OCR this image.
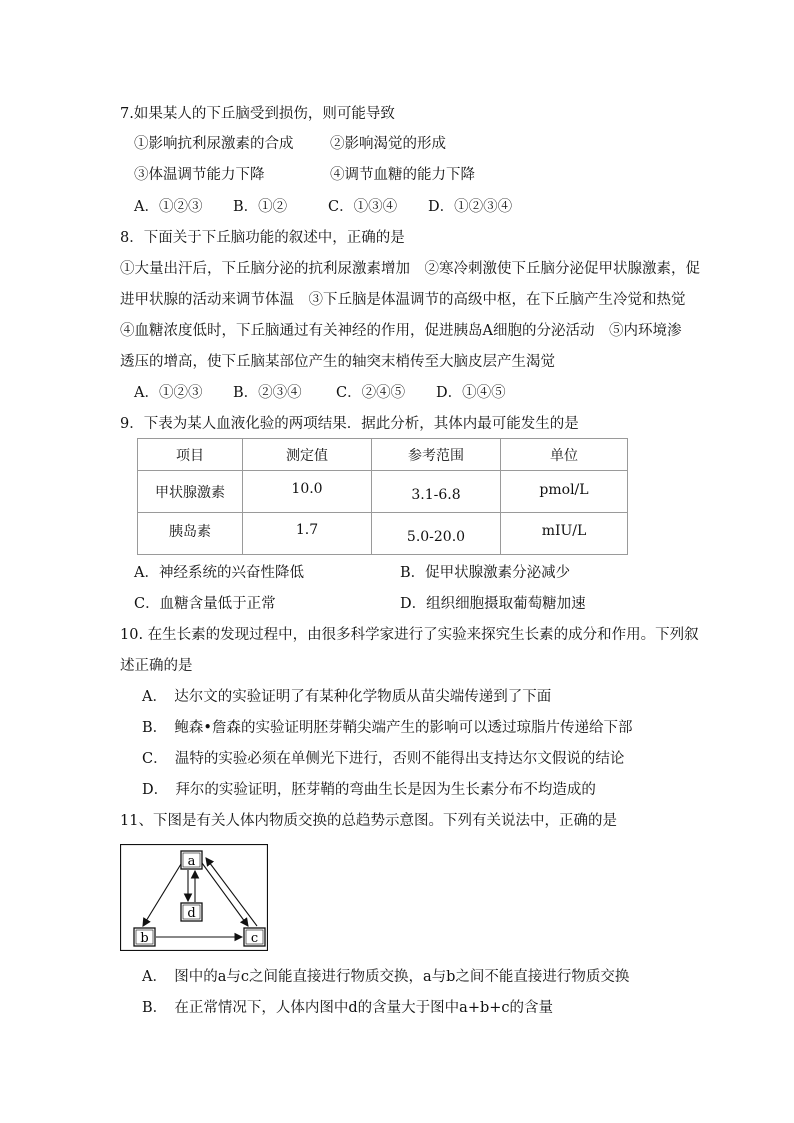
7.如果某人的下丘脑受到损伤，则可能导致
①影响抗利尿激素的合成	②影响渴觉的形成
③体温调节能力下降	④调节血糖的能力下降
A．①②③ B．①②	C．①③④ D．①②③④
8．下面关于下丘脑功能的叙述中，正确的是
①大量出汗后，下丘脑分泌的抗利尿激素增加　②寒冷刺激使下丘脑分泌促甲状腺激素，促
进甲状腺的活动来调节体温　③下丘脑是体温调节的高级中枢，在下丘脑产生冷觉和热觉
④血糖浓度低时，下丘脑通过有关神经的作用，促进胰岛A细胞的分泌活动　⑤内环境渗
透压的增高，使下丘脑某部位产生的轴突末梢传至大脑皮层产生渴觉
A．①②③ B．②③④ C．②④⑤ D．①④⑤
9．下表为某人血液化验的两项结果．据此分析，其体内最可能发生的是
项目	测定值	参考范围	单位
甲状腺激素	10.0	3.1-6.8	pmol/L
胰岛素	1.7	5.0-20.0	mIU/L
A．神经系统的兴奋性降低	B．促甲状腺激素分泌减少
C．血糖含量低于正常	D．组织细胞摄取葡萄糖加速
10. 在生长素的发现过程中，由很多科学家进行了实验来探究生长素的成分和作用。下列叙
述正确的是
A．　达尔文的实验证明了有某种化学物质从苗尖端传递到了下面
B．　鲍森•詹森的实验证明胚芽鞘尖端产生的影响可以透过琼脂片传递给下部
C．　温特的实验必须在单侧光下进行，否则不能得出支持达尔文假说的结论
D．　拜尔的实验证明，胚芽鞘的弯曲生长是因为生长素分布不均造成的
11、下图是有关人体内物质交换的总趋势示意图。下列有关说法中，正确的是
a
d
b	c
A．　图中的a与c之间能直接进行物质交换，a与b之间不能直接进行物质交换
B．　在正常情况下，人体内图中d的含量大于图中a+b+c的含量
